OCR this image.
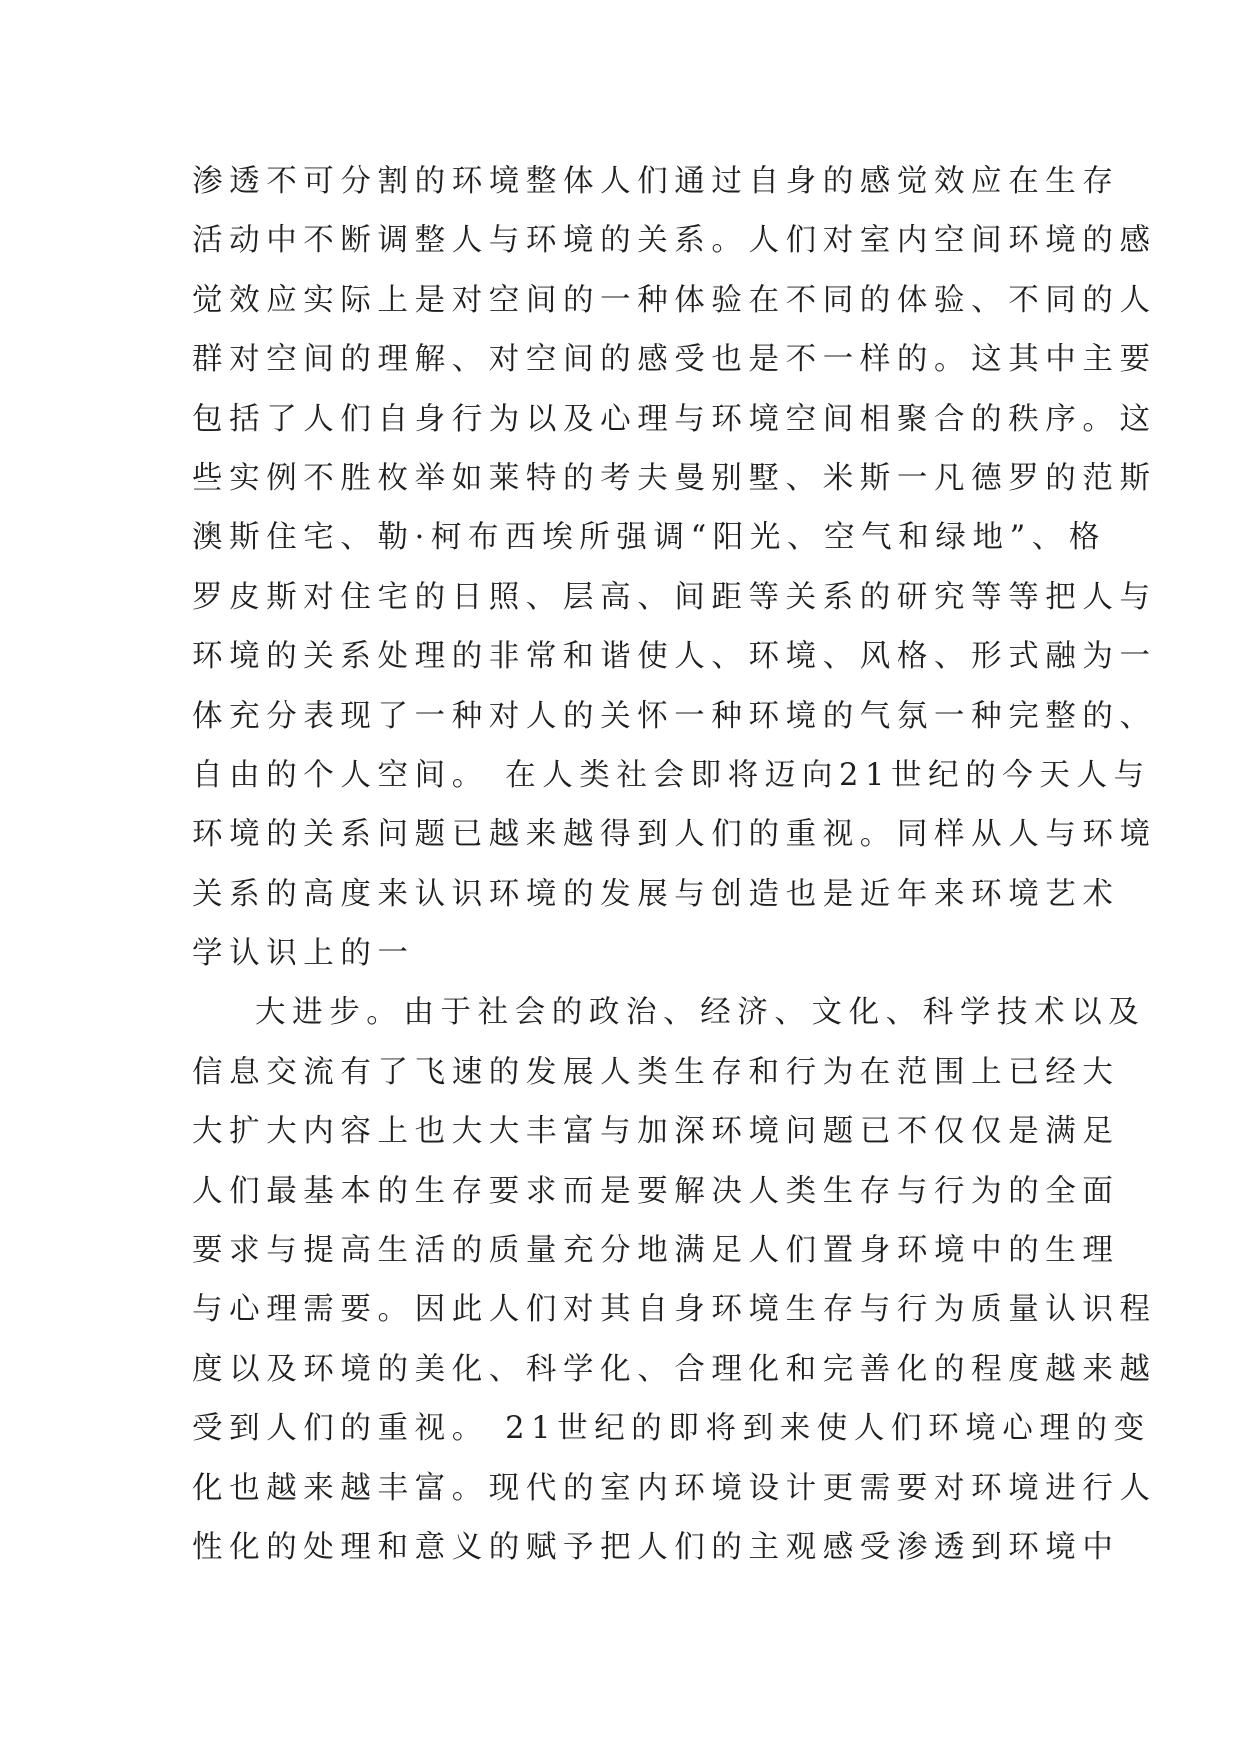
渗透不可分割的环境整体人们通过自身的感觉效应在生存
活动中不断调整人与环境的关系。人们对室内空间环境的感
觉效应实际上是对空间的一种体验在不同的体验、不同的人
群对空间的理解、对空间的感受也是不一样的。这其中主要
包括了人们自身行为以及心理与环境空间相聚合的秩序。这
些实例不胜枚举如莱特的考夫曼别墅、米斯一凡德罗的范斯
澳斯住宅、勒·柯布西埃所强调“阳光、空气和绿地”、格
罗皮斯对住宅的日照、层高、间距等关系的研究等等把人与
环境的关系处理的非常和谐使人、环境、风格、形式融为一
体充分表现了一种对人的关怀一种环境的气氛一种完整的、
自由的个人空间。 在人类社会即将迈向21世纪的今天人与
环境的关系问题已越来越得到人们的重视。同样从人与环境
关系的高度来认识环境的发展与创造也是近年来环境艺术
学认识上的一
大进步。由于社会的政治、经济、文化、科学技术以及
信息交流有了飞速的发展人类生存和行为在范围上已经大
大扩大内容上也大大丰富与加深环境问题已不仅仅是满足
人们最基本的生存要求而是要解决人类生存与行为的全面
要求与提高生活的质量充分地满足人们置身环境中的生理
与心理需要。因此人们对其自身环境生存与行为质量认识程
度以及环境的美化、科学化、合理化和完善化的程度越来越
受到人们的重视。 21世纪的即将到来使人们环境心理的变
化也越来越丰富。现代的室内环境设计更需要对环境进行人
性化的处理和意义的赋予把人们的主观感受渗透到环境中
